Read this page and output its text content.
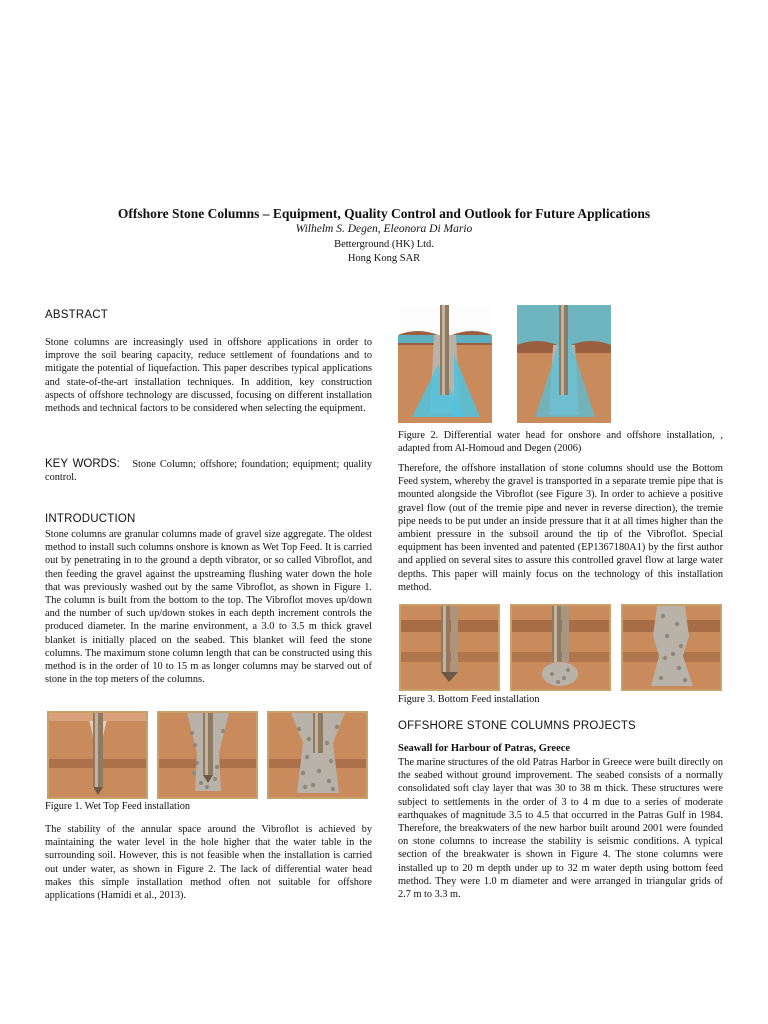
Offshore Stone Columns – Equipment, Quality Control and Outlook for Future Applications
Wilhelm S. Degen, Eleonora Di Mario
Betterground (HK) Ltd.
Hong Kong SAR
ABSTRACT

Stone columns are increasingly used in offshore applications in order to improve the soil bearing capacity, reduce settlement of foundations and to mitigate the potential of liquefaction. This paper describes typical applications and state-of-the-art installation techniques. In addition, key construction aspects of offshore technology are discussed, focusing on different installation methods and technical factors to be considered when selecting the equipment.

KEY WORDS: Stone Column; offshore; foundation; equipment; quality control.
INTRODUCTION

Stone columns are granular columns made of gravel size aggregate. The oldest method to install such columns onshore is known as Wet Top Feed. It is carried out by penetrating in to the ground a depth vibrator, or so called Vibroflot, and then feeding the gravel against the upstreaming flushing water down the hole that was previously washed out by the same Vibroflot, as shown in Figure 1. The column is built from the bottom to the top. The Vibroflot moves up/down and the number of such up/down stokes in each depth increment controls the produced diameter. In the marine environment, a 3.0 to 3.5 m thick gravel blanket is initially placed on the seabed. This blanket will feed the stone columns. The maximum stone column length that can be constructed using this method is in the order of 10 to 15 m as longer columns may be starved out of stone in the top meters of the columns.

Figure 1. Wet Top Feed installation

The stability of the annular space around the Vibroflot is achieved by maintaining the water level in the hole higher that the water table in the surrounding soil. However, this is not feasible when the installation is carried out under water, as shown in Figure 2. The lack of differential water head makes this simple installation method often not suitable for offshore applications (Hamidi et al., 2013).

Figure 2. Differential water head for onshore and offshore installation, , adapted from Al-Homoud and Degen (2006)

Therefore, the offshore installation of stone columns should use the Bottom Feed system, whereby the gravel is transported in a separate tremie pipe that is mounted alongside the Vibroflot (see Figure 3). In order to achieve a positive gravel flow (out of the tremie pipe and never in reverse direction), the tremie pipe needs to be put under an inside pressure that it at all times higher than the ambient pressure in the subsoil around the tip of the Vibroflot. Special equipment has been invented and patented (EP1367180A1) by the first author and applied on several sites to assure this controlled gravel flow at large water depths. This paper will mainly focus on the technology of this installation method.

Figure 3. Bottom Feed installation
OFFSHORE STONE COLUMNS PROJECTS
Seawall for Harbour of Patras, Greece

The marine structures of the old Patras Harbor in Greece were built directly on the seabed without ground improvement. The seabed consists of a normally consolidated soft clay layer that was 30 to 38 m thick. These structures were subject to settlements in the order of 3 to 4 m due to a series of moderate earthquakes of magnitude 3.5 to 4.5 that occurred in the Patras Gulf in 1984. Therefore, the breakwaters of the new harbor built around 2001 were founded on stone columns to increase the stability is seismic conditions. A typical section of the breakwater is shown in Figure 4. The stone columns were installed up to 20 m depth under up to 32 m water depth using bottom feed method. They were 1.0 m diameter and were arranged in triangular grids of 2.7 m to 3.3 m.
